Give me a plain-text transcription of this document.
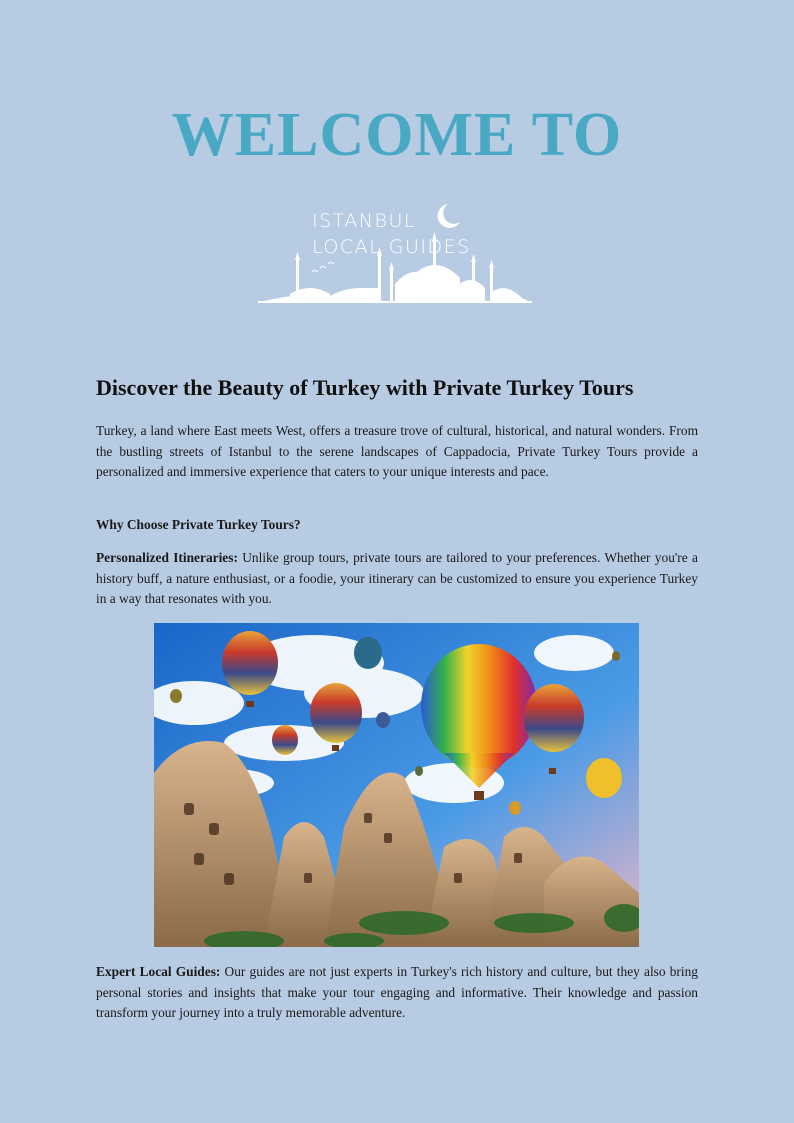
WELCOME TO
ISTANBUL
LOCAL GUIDES
Discover the Beauty of Turkey with Private Turkey Tours

Turkey, a land where East meets West, offers a treasure trove of cultural, historical, and natural wonders. From the bustling streets of Istanbul to the serene landscapes of Cappadocia, Private Turkey Tours provide a personalized and immersive experience that caters to your unique interests and pace.

Why Choose Private Turkey Tours?

Personalized Itineraries: Unlike group tours, private tours are tailored to your preferences. Whether you're a history buff, a nature enthusiast, or a foodie, your itinerary can be customized to ensure you experience Turkey in a way that resonates with you.

Expert Local Guides: Our guides are not just experts in Turkey's rich history and culture, but they also bring personal stories and insights that make your tour engaging and informative. Their knowledge and passion transform your journey into a truly memorable adventure.
